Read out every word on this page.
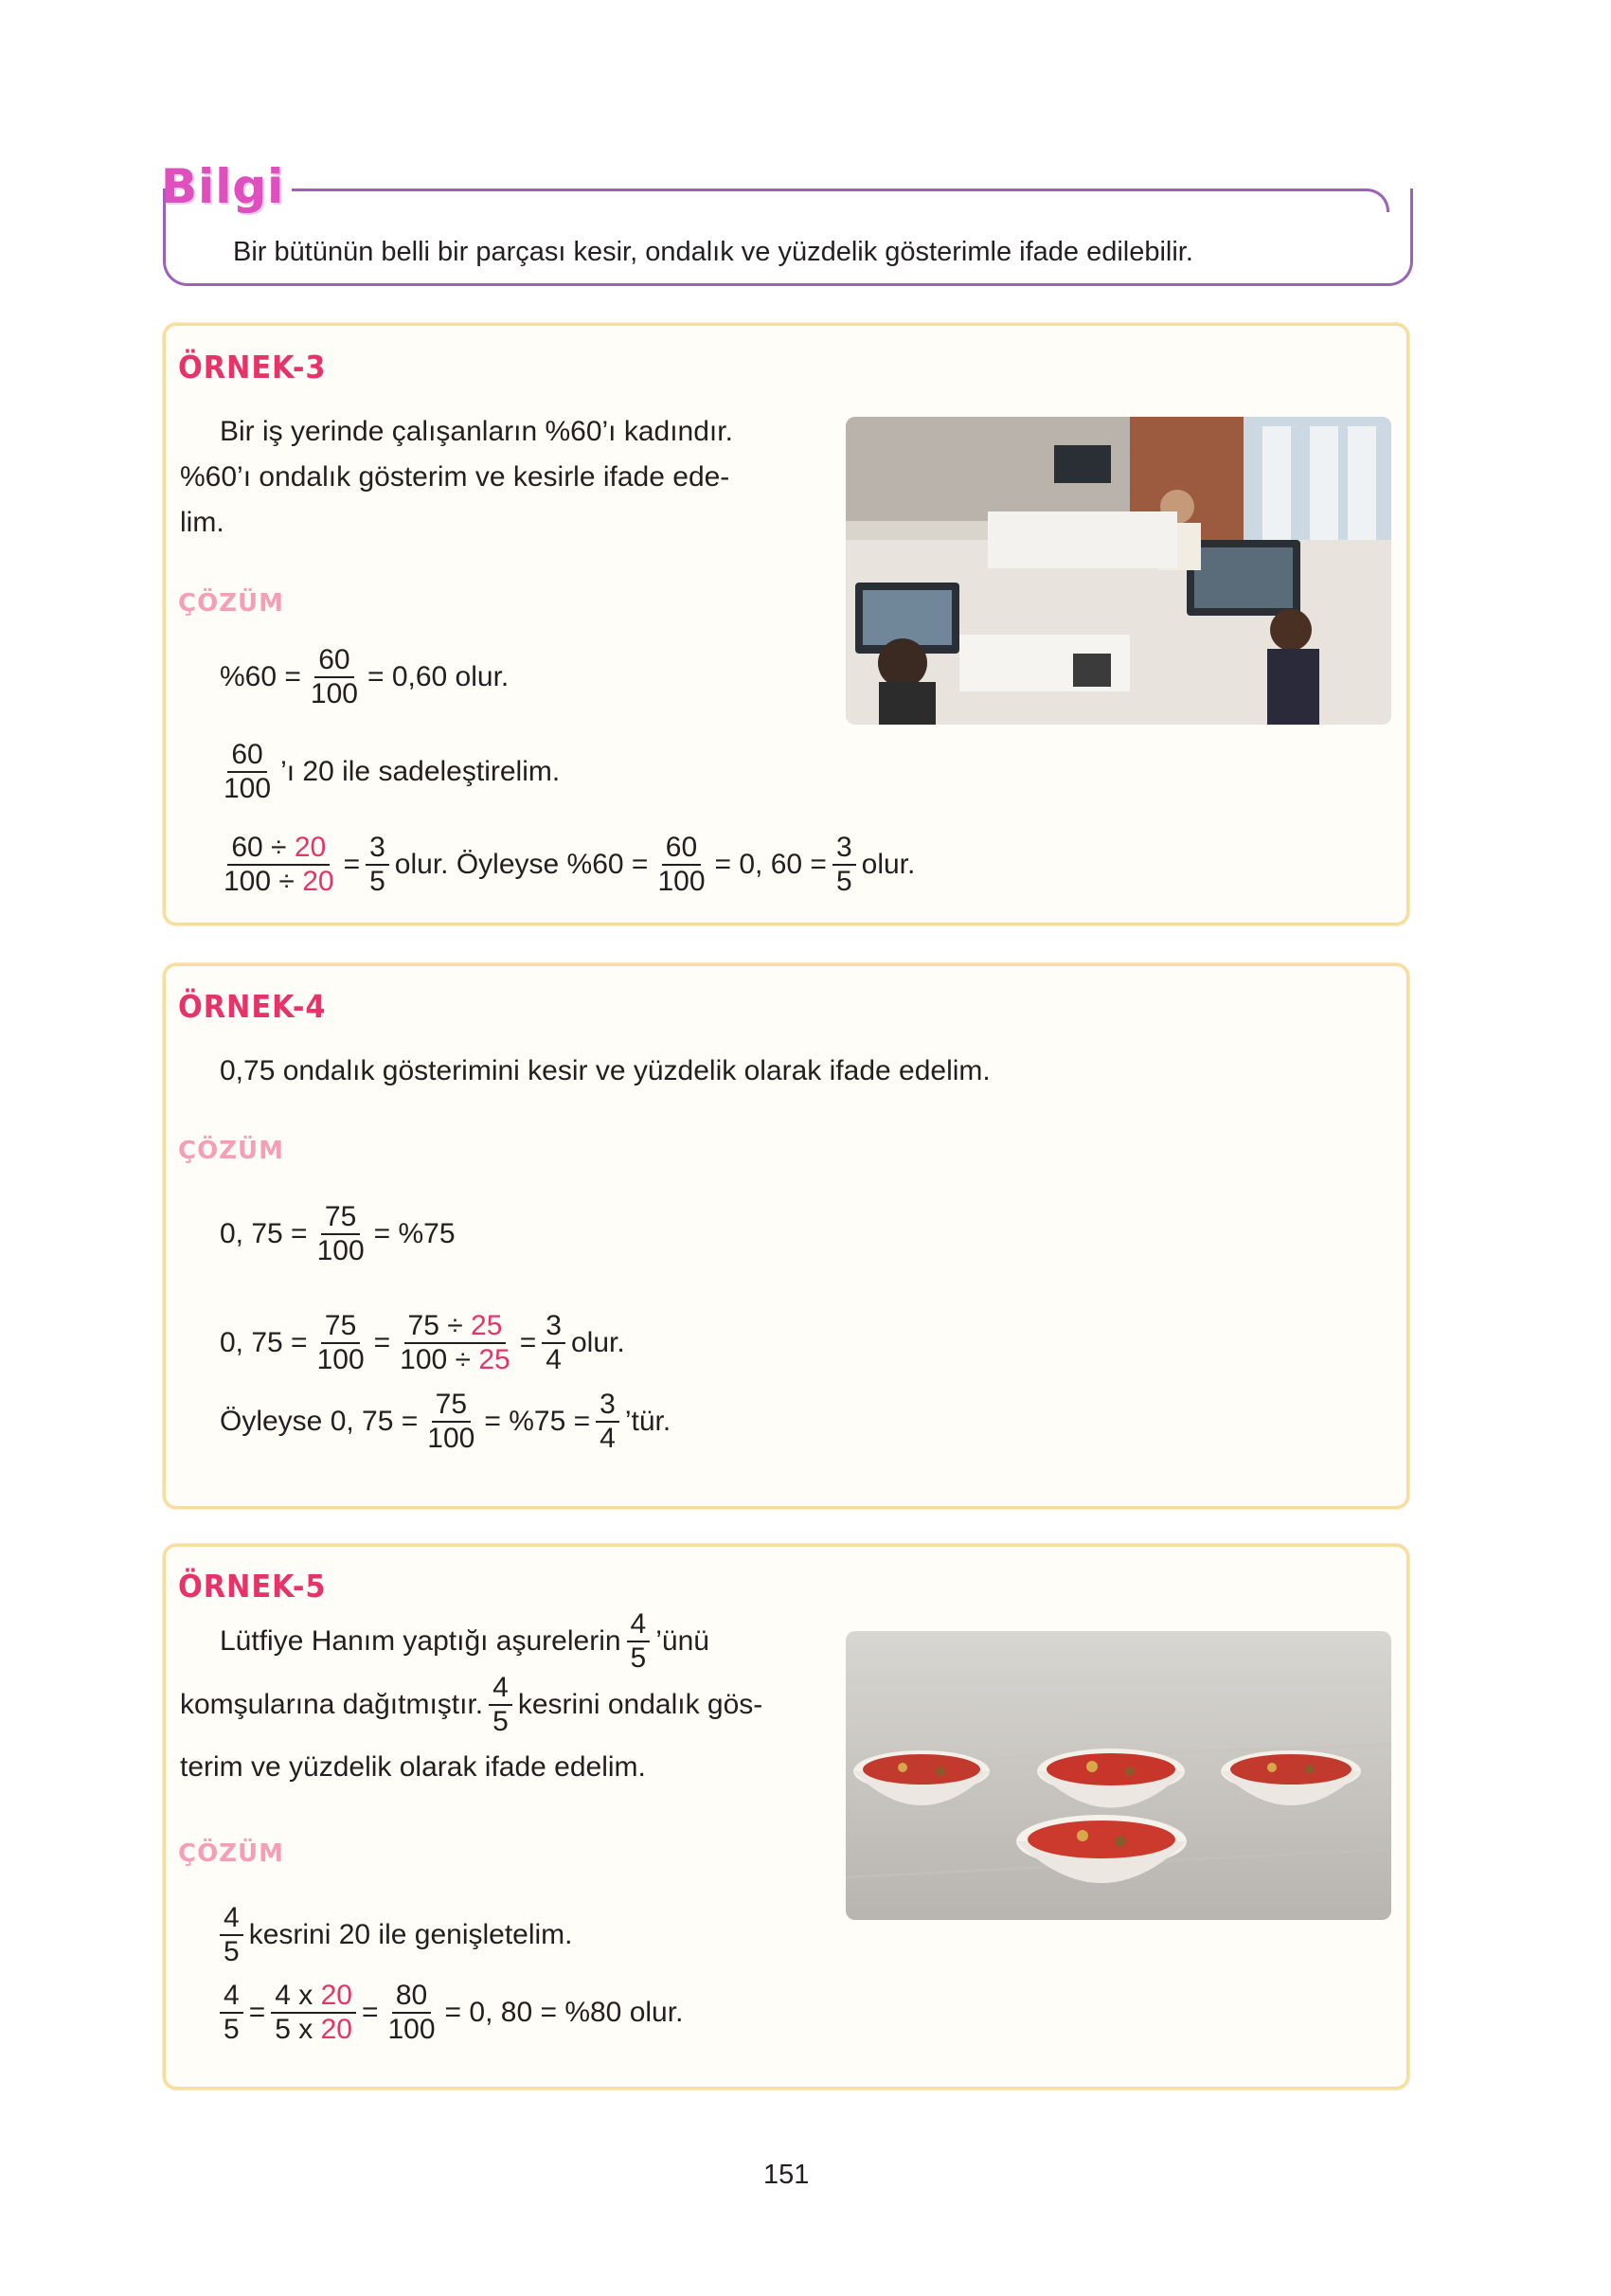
Bilgi
Bir bütünün belli bir parçası kesir, ondalık ve yüzdelik gösterimle ifade edilebilir.
ÖRNEK-3
Bir iş yerinde çalışanların %60’ı kadındır.
%60’ı ondalık gösterim ve kesirle ifade ede-
lim.
ÇÖZÜM
$\%60 = \frac{60}{100} = 0,60$ olur.
$\frac{60}{100}$ ’ı 20 ile sadeleştirelim.
$\frac{60 \div 20}{100 \div 20} = \frac{3}{5}$ olur. Öyleyse $\%60 = \frac{60}{100} = 0$, $60 = \frac{3}{5}$ olur.
ÖRNEK-4
0,75 ondalık gösterimini kesir ve yüzdelik olarak ifade edelim.
ÇÖZÜM
0, $75 = \frac{75}{100} = \%75$
0, $75 = \frac{75}{100} = \frac{75 \div 25}{100 \div 25} = \frac{3}{4}$ olur.
Öyleyse 0, $75 = \frac{75}{100} = \%75 = \frac{3}{4}$ ’tür.
ÖRNEK-5
Lütfiye Hanım yaptığı aşurelerin $\frac{4}{5}$ ’ünü
komşularına dağıtmıştır. $\frac{4}{5}$ kesrini ondalık gös-
terim ve yüzdelik olarak ifade edelim.
ÇÖZÜM
$\frac{4}{5}$ kesrini 20 ile genişletelim.
$\frac{4}{5} = \frac{4 x 20}{5 x 20} = \frac{80}{100} = 0$, 80 = %80 olur.
151
